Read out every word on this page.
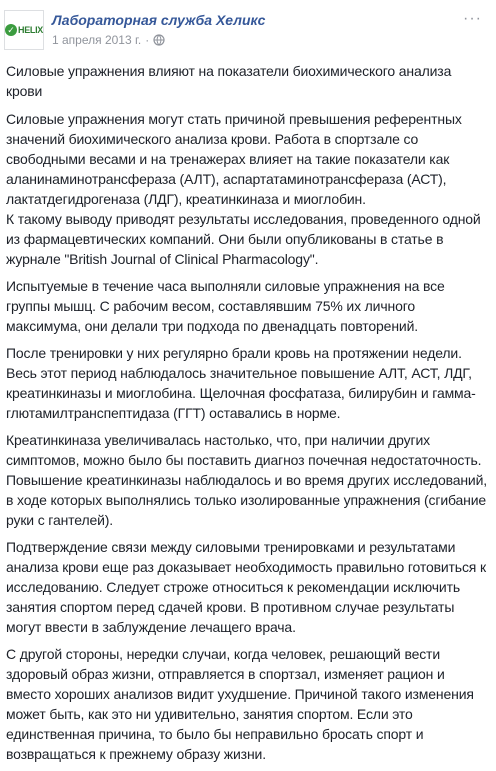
✓ HELIX
Лабораторная служба Хеликс
1 апреля 2013 г. ·
···

Силовые упражнения влияют на показатели биохимического анализа крови

Силовые упражнения могут стать причиной превышения референтных значений биохимического анализа крови. Работа в спортзале со свободными весами и на тренажерах влияет на такие показатели как аланинаминотрансфераза (АЛТ), аспартатаминотрансфераза (АСТ), лактатдегидрогеназа (ЛДГ), креатинкиназа и миоглобин.

К такому выводу приводят результаты исследования, проведенного одной из фармацевтических компаний. Они были опубликованы в статье в журнале "British Journal of Clinical Pharmacology".

Испытуемые в течение часа выполняли силовые упражнения на все группы мышц. С рабочим весом, составлявшим 75% их личного максимума, они делали три подхода по двенадцать повторений.

После тренировки у них регулярно брали кровь на протяжении недели. Весь этот период наблюдалось значительное повышение АЛТ, АСТ, ЛДГ, креатинкиназы и миоглобина. Щелочная фосфатаза, билирубин и гамма-глютамилтранспептидаза (ГГТ) оставались в норме.

Креатинкиназа увеличивалась настолько, что, при наличии других симптомов, можно было бы поставить диагноз почечная недостаточность. Повышение креатинкиназы наблюдалось и во время других исследований, в ходе которых выполнялись только изолированные упражнения (сгибание руки с гантелей).

Подтверждение связи между силовыми тренировками и результатами анализа крови еще раз доказывает необходимость правильно готовиться к исследованию. Следует строже относиться к рекомендации исключить занятия спортом перед сдачей крови. В противном случае результаты могут ввести в заблуждение лечащего врача.

С другой стороны, нередки случаи, когда человек, решающий вести здоровый образ жизни, отправляется в спортзал, изменяет рацион и вместо хороших анализов видит ухудшение. Причиной такого изменения может быть, как это ни удивительно, занятия спортом. Если это единственная причина, то было бы неправильно бросать спорт и возвращаться к прежнему образу жизни.
